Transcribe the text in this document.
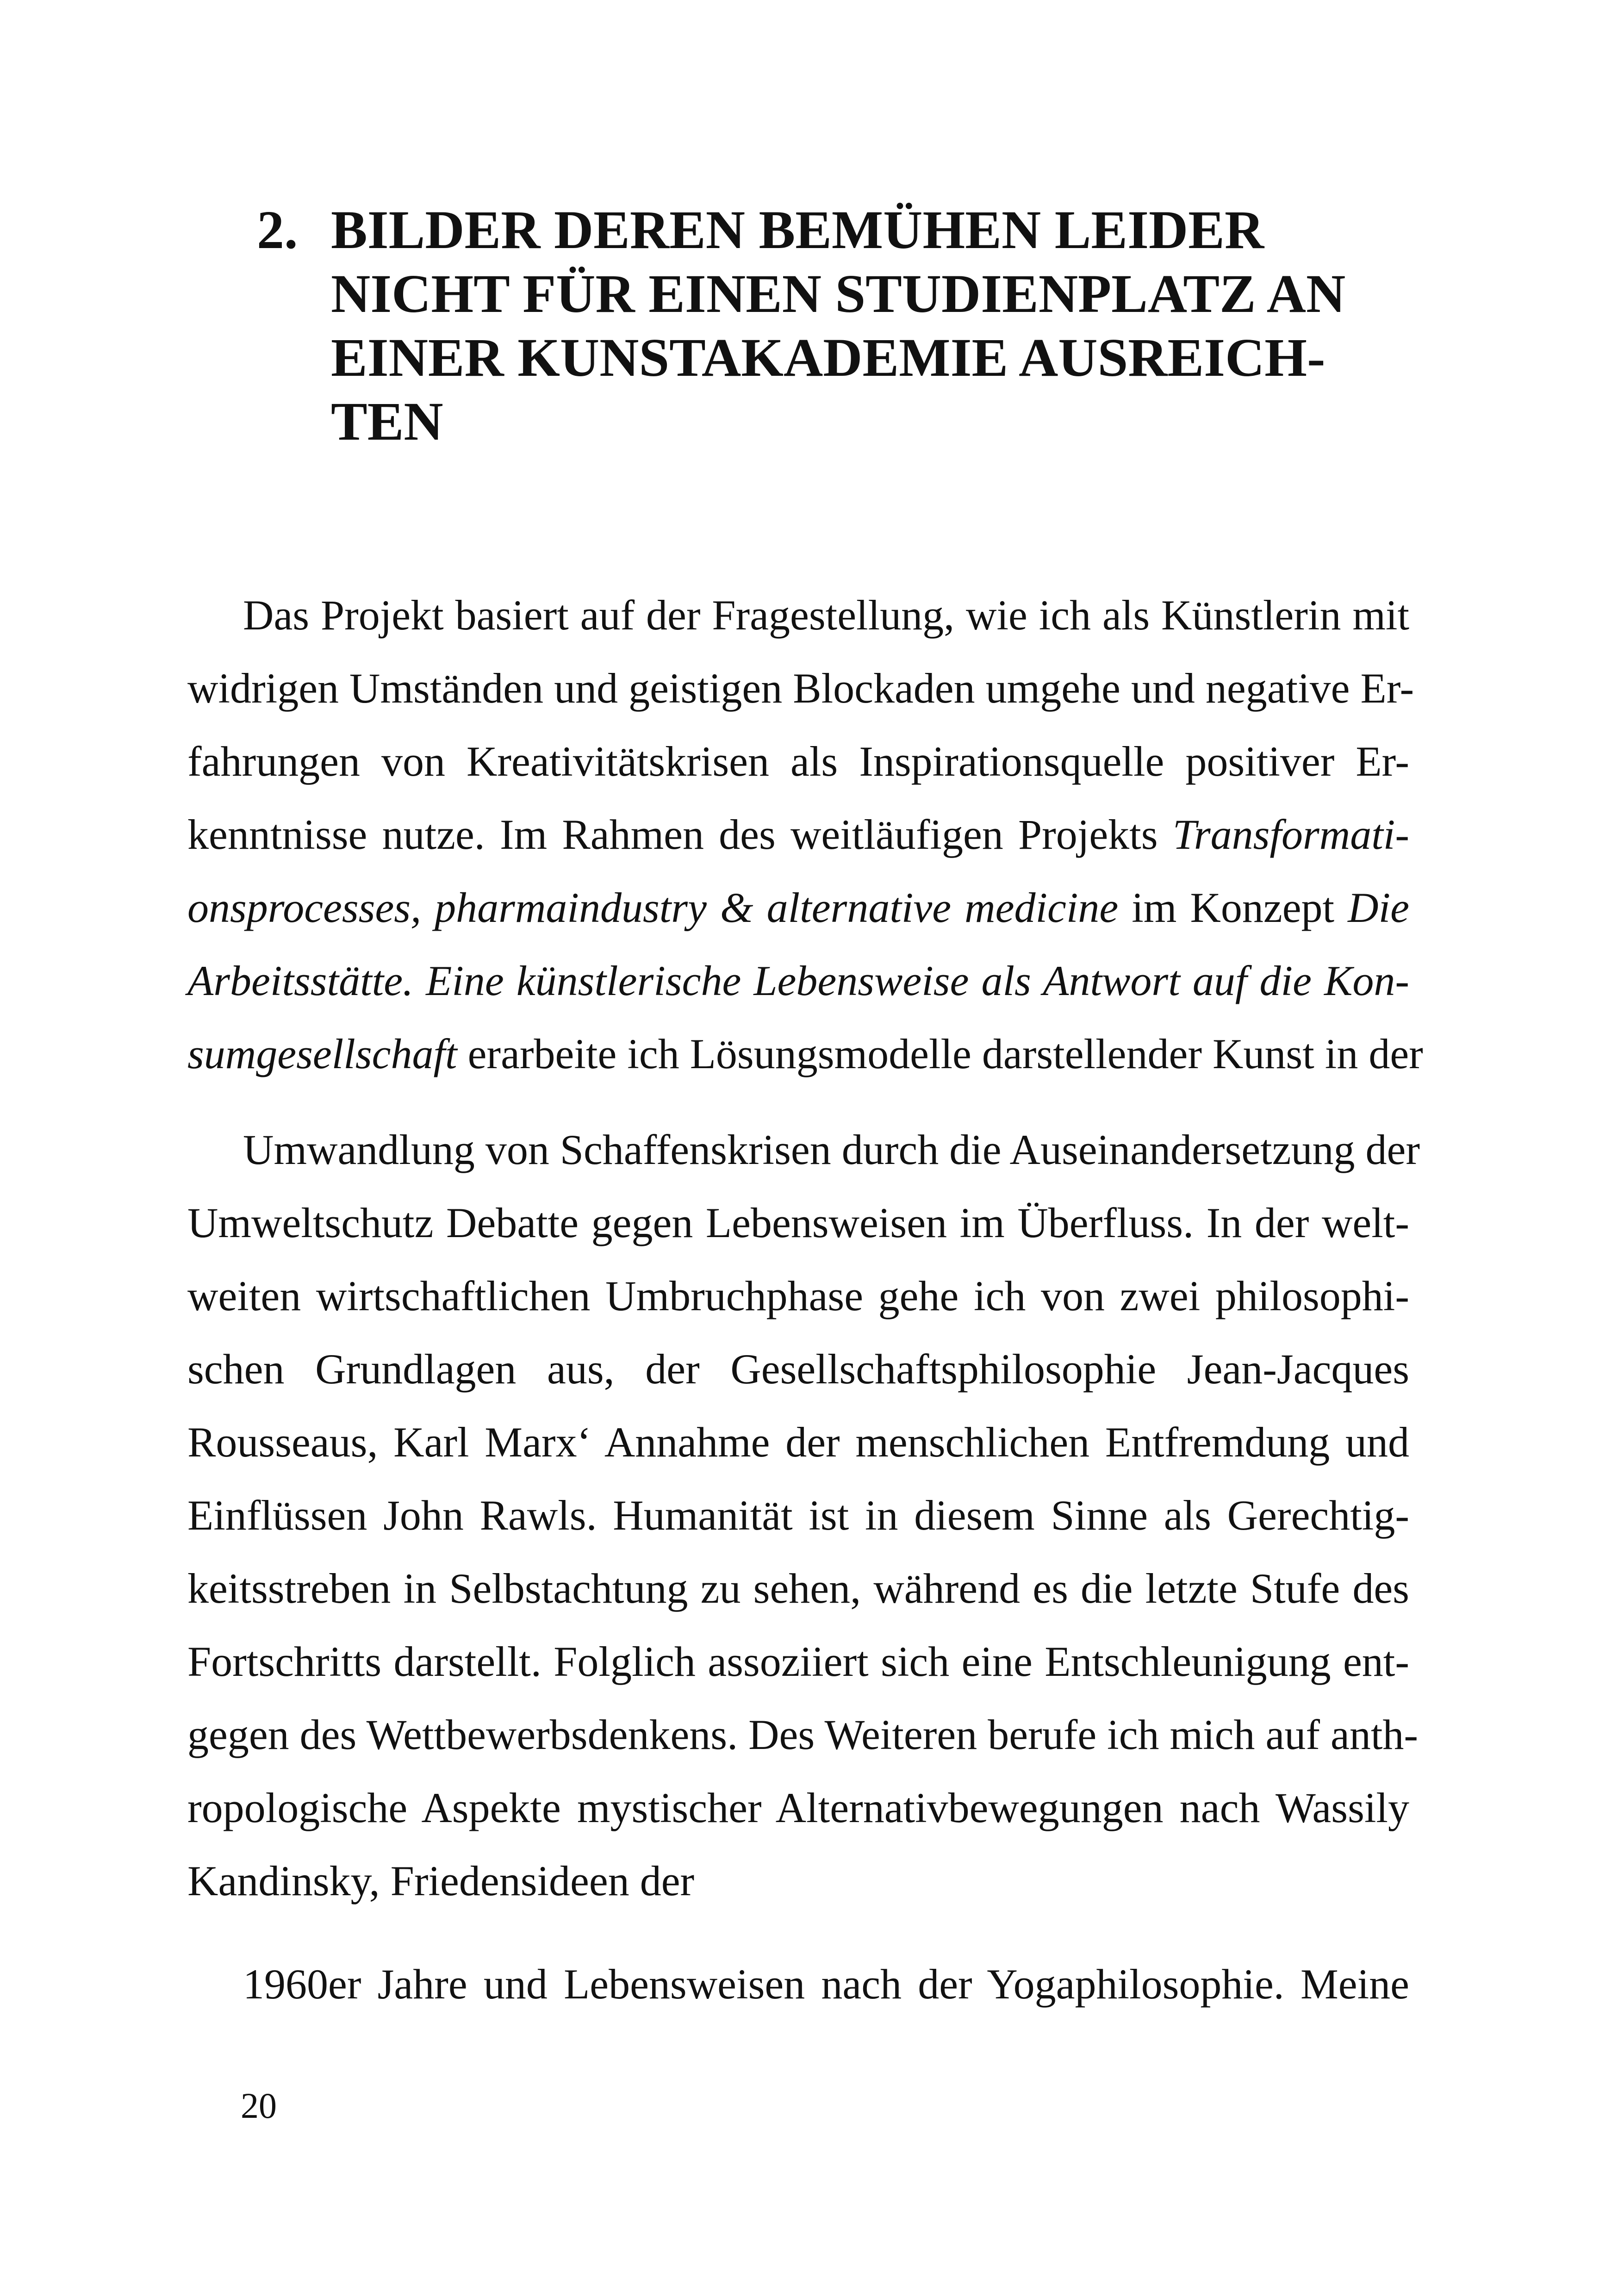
2. BILDER DEREN BEMÜHEN LEIDER
NICHT FÜR EINEN STUDIENPLATZ AN
EINER KUNSTAKADEMIE AUSREICH-
TEN
Das Projekt basiert auf der Fragestellung, wie ich als Künstlerin mit
widrigen Umständen und geistigen Blockaden umgehe und negative Er-
fahrungen von Kreativitätskrisen als Inspirationsquelle positiver Er-
kenntnisse nutze. Im Rahmen des weitläufigen Projekts Transformati-
onsprocesses, pharmaindustry & alternative medicine im Konzept Die
Arbeitsstätte. Eine künstlerische Lebensweise als Antwort auf die Kon-
sumgesellschaft erarbeite ich Lösungsmodelle darstellender Kunst in der
Umwandlung von Schaffenskrisen durch die Auseinandersetzung der
Umweltschutz Debatte gegen Lebensweisen im Überfluss. In der welt-
weiten wirtschaftlichen Umbruchphase gehe ich von zwei philosophi-
schen Grundlagen aus, der Gesellschaftsphilosophie Jean-Jacques
Rousseaus, Karl Marx‘ Annahme der menschlichen Entfremdung und
Einflüssen John Rawls. Humanität ist in diesem Sinne als Gerechtig-
keitsstreben in Selbstachtung zu sehen, während es die letzte Stufe des
Fortschritts darstellt. Folglich assoziiert sich eine Entschleunigung ent-
gegen des Wettbewerbsdenkens. Des Weiteren berufe ich mich auf anth-
ropologische Aspekte mystischer Alternativbewegungen nach Wassily
Kandinsky, Friedensideen der
1960er Jahre und Lebensweisen nach der Yogaphilosophie. Meine
20
